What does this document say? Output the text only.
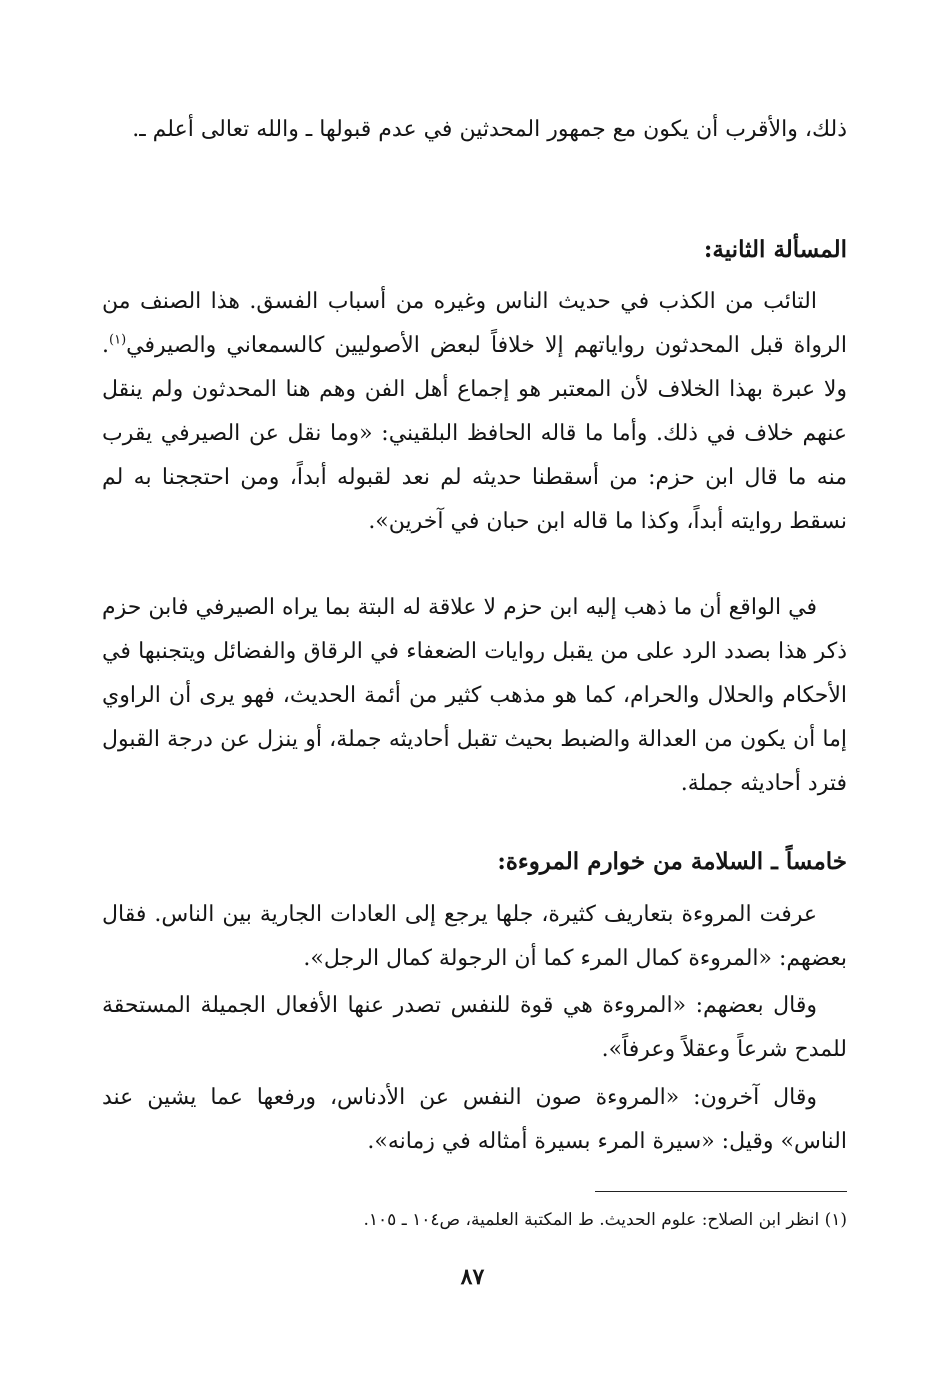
ذلك، والأقرب أن يكون مع جمهور المحدثين في عدم قبولها ـ والله تعالى أعلم ـ.

المسألة الثانية:

التائب من الكذب في حديث الناس وغيره من أسباب الفسق. هذا الصنف من الرواة قبل المحدثون رواياتهم إلا خلافاً لبعض الأصوليين كالسمعاني والصيرفي$^{(١)}$. ولا عبرة بهذا الخلاف لأن المعتبر هو إجماع أهل الفن وهم هنا المحدثون ولم ينقل عنهم خلاف في ذلك. وأما ما قاله الحافظ البلقيني: «وما نقل عن الصيرفي يقرب منه ما قال ابن حزم: من أسقطنا حديثه لم نعد لقبوله أبداً، ومن احتججنا به لم نسقط روايته أبداً، وكذا ما قاله ابن حبان في آخرين».

في الواقع أن ما ذهب إليه ابن حزم لا علاقة له البتة بما يراه الصيرفي فابن حزم ذكر هذا بصدد الرد على من يقبل روايات الضعفاء في الرقاق والفضائل ويتجنبها في الأحكام والحلال والحرام، كما هو مذهب كثير من أئمة الحديث، فهو يرى أن الراوي إما أن يكون من العدالة والضبط بحيث تقبل أحاديثه جملة، أو ينزل عن درجة القبول فترد أحاديثه جملة.

خامساً ـ السلامة من خوارم المروءة:

عرفت المروءة بتعاريف كثيرة، جلها يرجع إلى العادات الجارية بين الناس. فقال بعضهم: «المروءة كمال المرء كما أن الرجولة كمال الرجل».

وقال بعضهم: «المروءة هي قوة للنفس تصدر عنها الأفعال الجميلة المستحقة للمدح شرعاً وعقلاً وعرفاً».

وقال آخرون: «المروءة صون النفس عن الأدناس، ورفعها عما يشين عند الناس» وقيل: «سيرة المرء بسيرة أمثاله في زمانه».

(١) انظر ابن الصلاح: علوم الحديث. ط المكتبة العلمية، ص١٠٤ ـ ١٠٥.

٨٧
